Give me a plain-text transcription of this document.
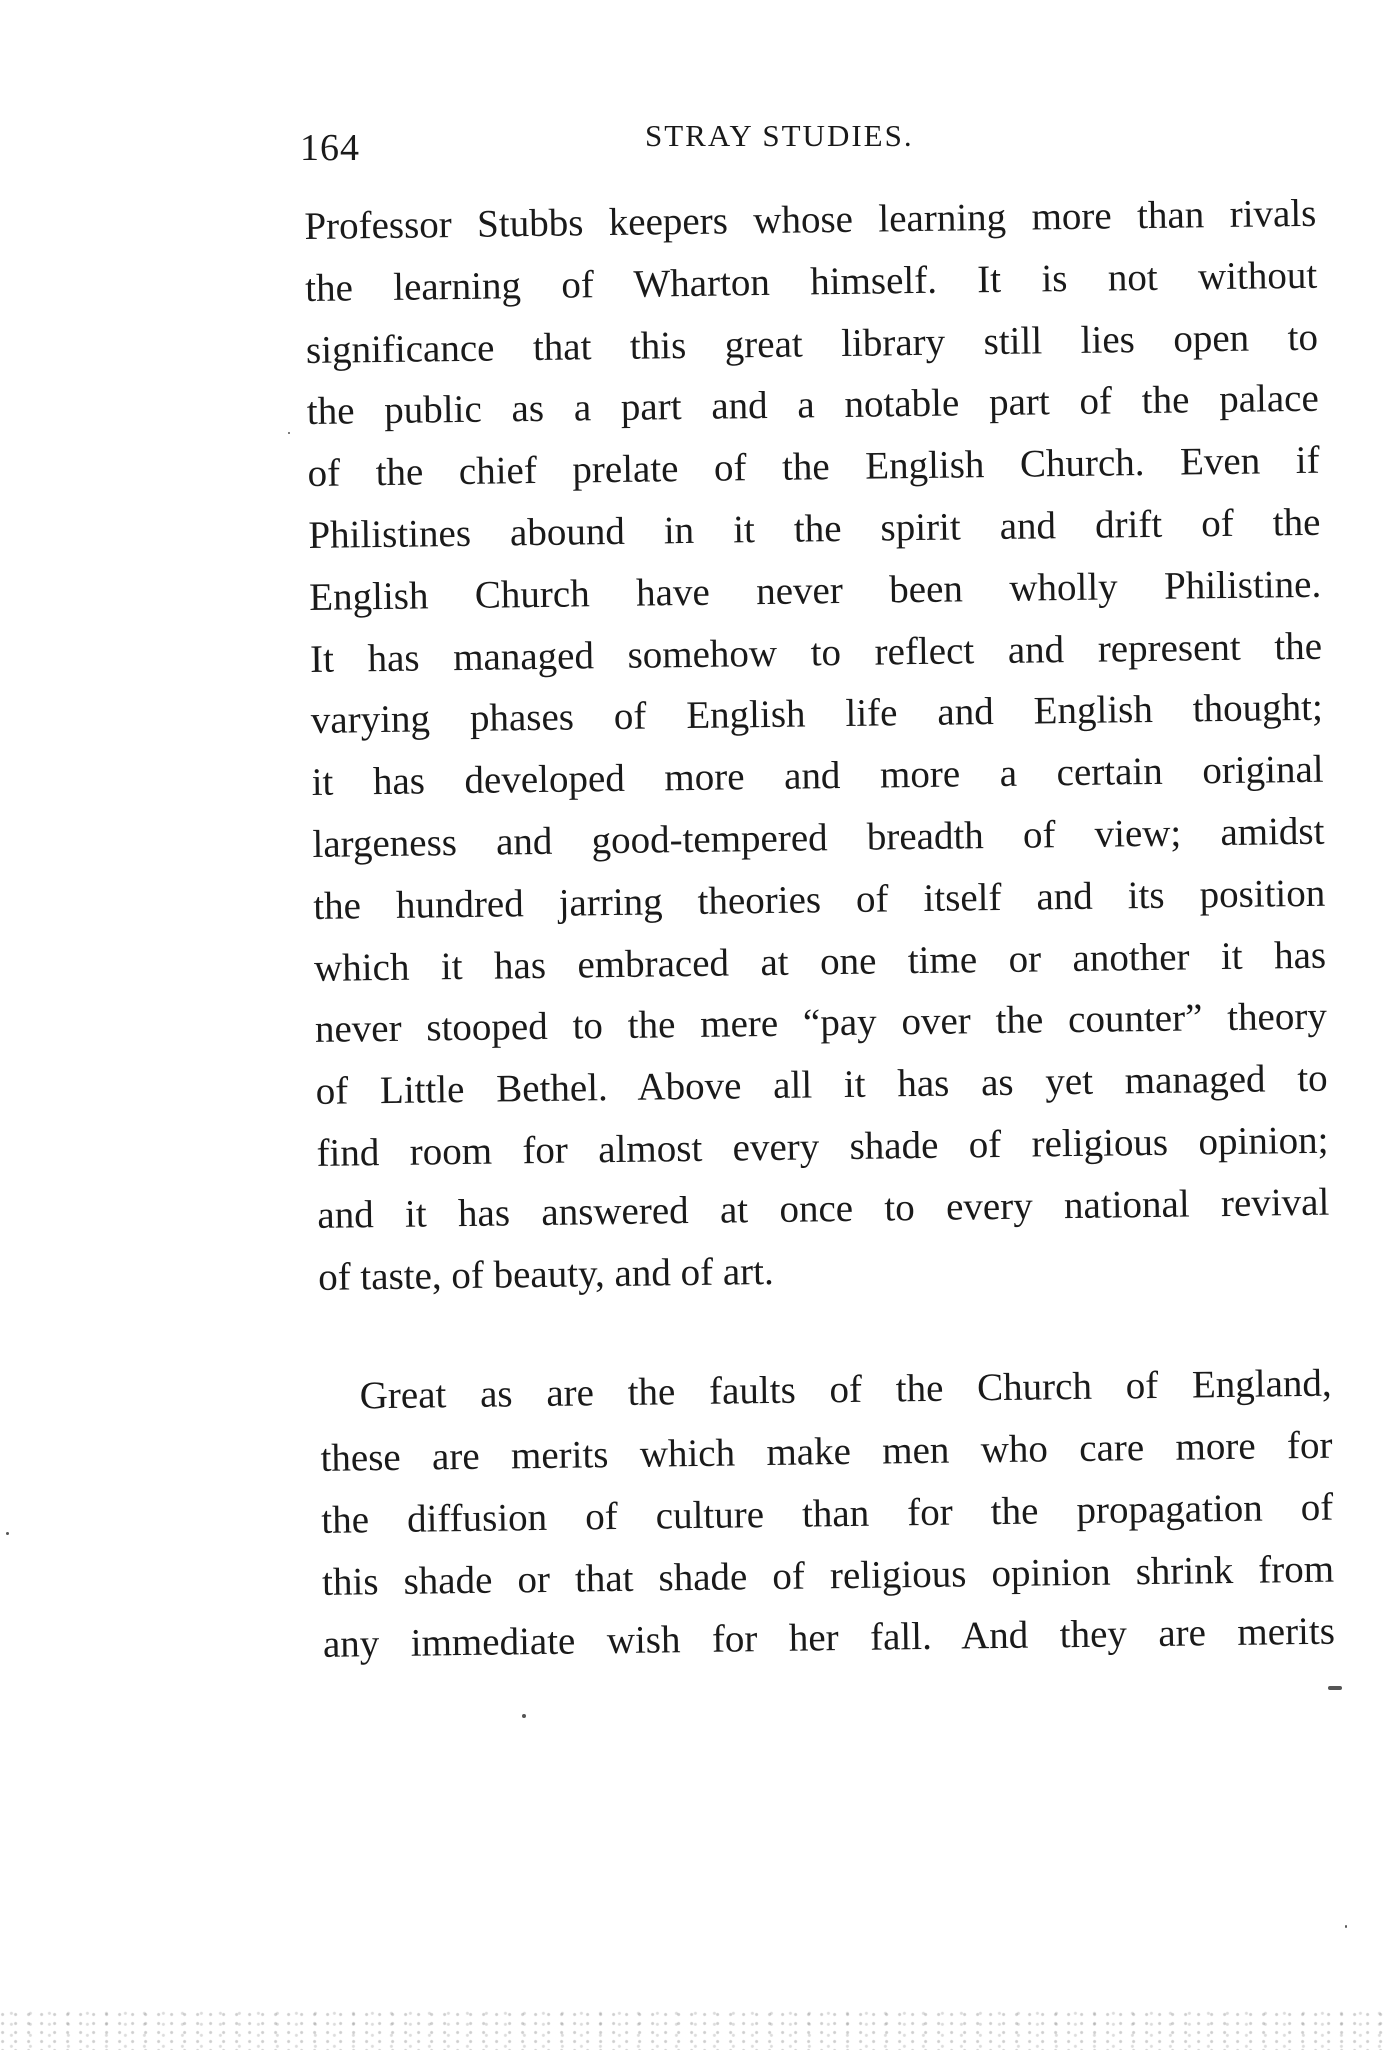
164	STRAY STUDIES.
Professor Stubbs keepers whose learning more than rivals
the learning of Wharton himself. It is not without
significance that this great library still lies open to
the public as a part and a notable part of the palace
of the chief prelate of the English Church. Even if
Philistines abound in it the spirit and drift of the
English Church have never been wholly Philistine.
It has managed somehow to reflect and represent the
varying phases of English life and English thought;
it has developed more and more a certain original
largeness and good-tempered breadth of view; amidst
the hundred jarring theories of itself and its position
which it has embraced at one time or another it has
never stooped to the mere “pay over the counter” theory
of Little Bethel. Above all it has as yet managed to
find room for almost every shade of religious opinion;
and it has answered at once to every national revival
of taste, of beauty, and of art.
Great as are the faults of the Church of England,
these are merits which make men who care more for
the diffusion of culture than for the propagation of
this shade or that shade of religious opinion shrink from
any immediate wish for her fall. And they are merits
